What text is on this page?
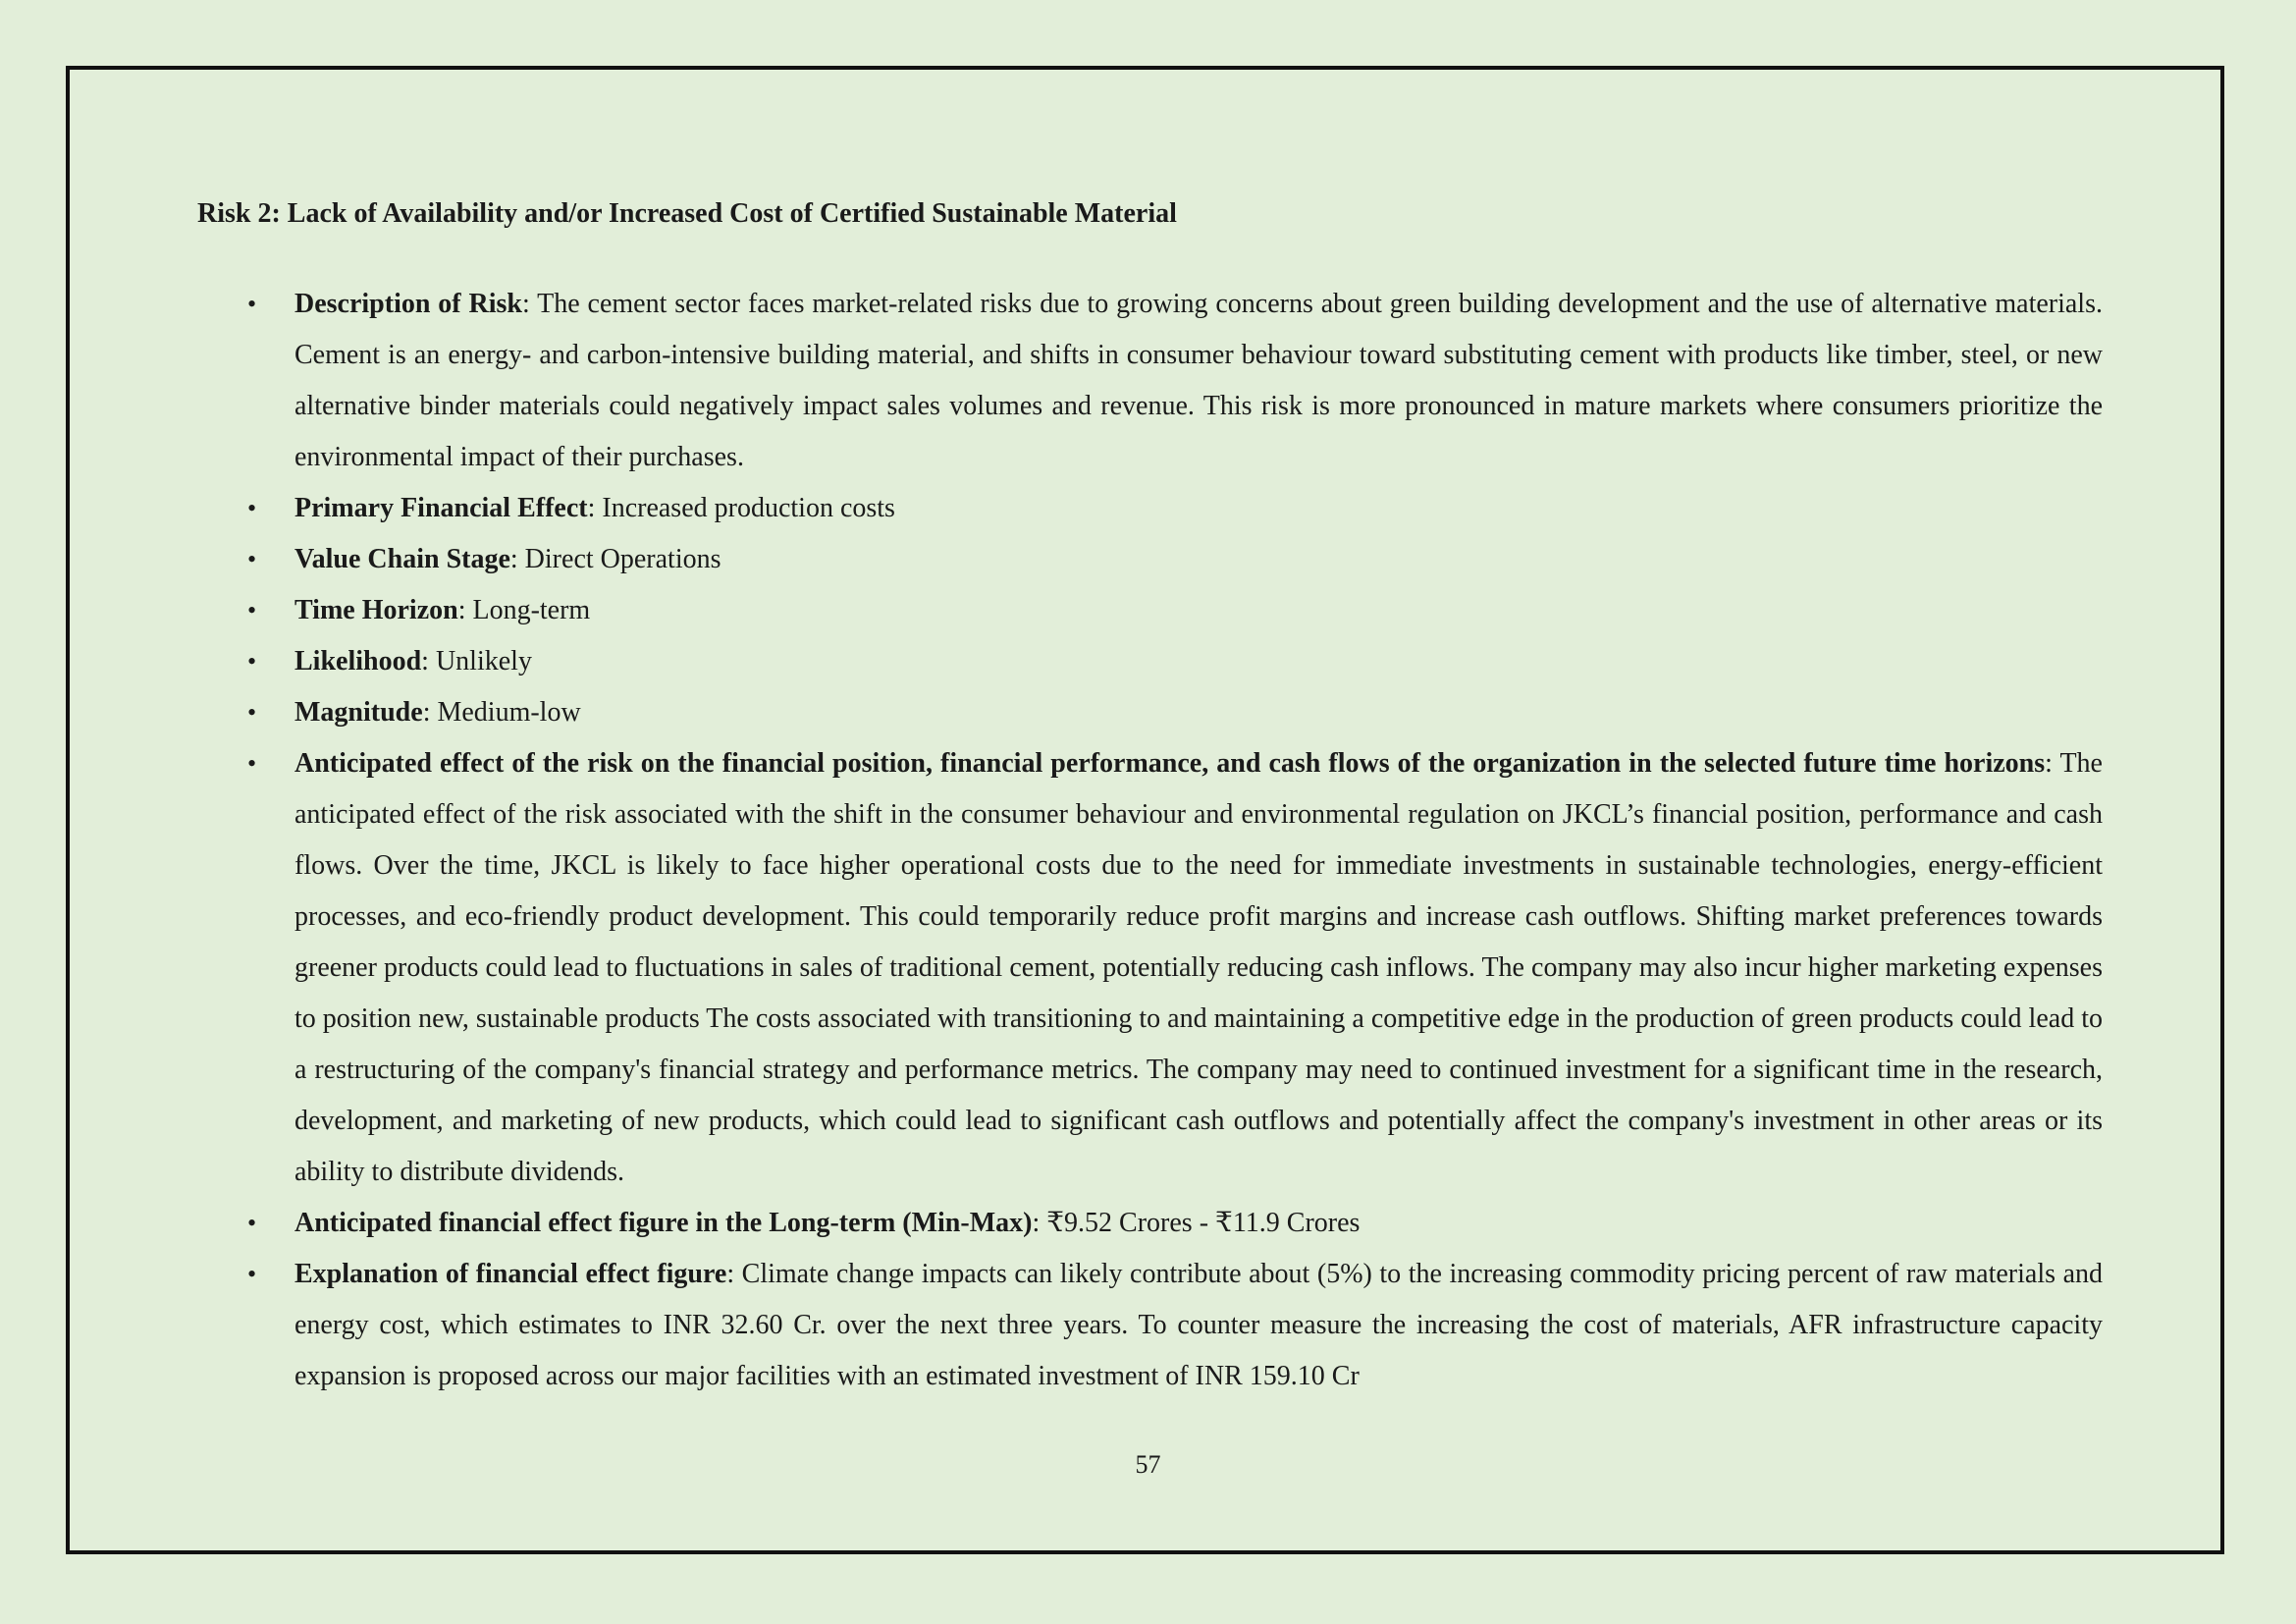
Risk 2: Lack of Availability and/or Increased Cost of Certified Sustainable Material
• Description of Risk: The cement sector faces market-related risks due to growing concerns about green building development and the use of alternative materials. Cement is an energy- and carbon-intensive building material, and shifts in consumer behaviour toward substituting cement with products like timber, steel, or new alternative binder materials could negatively impact sales volumes and revenue. This risk is more pronounced in mature markets where consumers prioritize the environmental impact of their purchases.
• Primary Financial Effect: Increased production costs
• Value Chain Stage: Direct Operations
• Time Horizon: Long-term
• Likelihood: Unlikely
• Magnitude: Medium-low
• Anticipated effect of the risk on the financial position, financial performance, and cash flows of the organization in the selected future time horizons: The anticipated effect of the risk associated with the shift in the consumer behaviour and environmental regulation on JKCL’s financial position, performance and cash flows. Over the time, JKCL is likely to face higher operational costs due to the need for immediate investments in sustainable technologies, energy-efficient processes, and eco-friendly product development. This could temporarily reduce profit margins and increase cash outflows. Shifting market preferences towards greener products could lead to fluctuations in sales of traditional cement, potentially reducing cash inflows. The company may also incur higher marketing expenses to position new, sustainable products The costs associated with transitioning to and maintaining a competitive edge in the production of green products could lead to a restructuring of the company's financial strategy and performance metrics. The company may need to continued investment for a significant time in the research, development, and marketing of new products, which could lead to significant cash outflows and potentially affect the company's investment in other areas or its ability to distribute dividends.
• Anticipated financial effect figure in the Long-term (Min-Max): ₹9.52 Crores - ₹11.9 Crores
• Explanation of financial effect figure: Climate change impacts can likely contribute about (5%) to the increasing commodity pricing percent of raw materials and energy cost, which estimates to INR 32.60 Cr. over the next three years. To counter measure the increasing the cost of materials, AFR infrastructure capacity expansion is proposed across our major facilities with an estimated investment of INR 159.10 Cr
57
